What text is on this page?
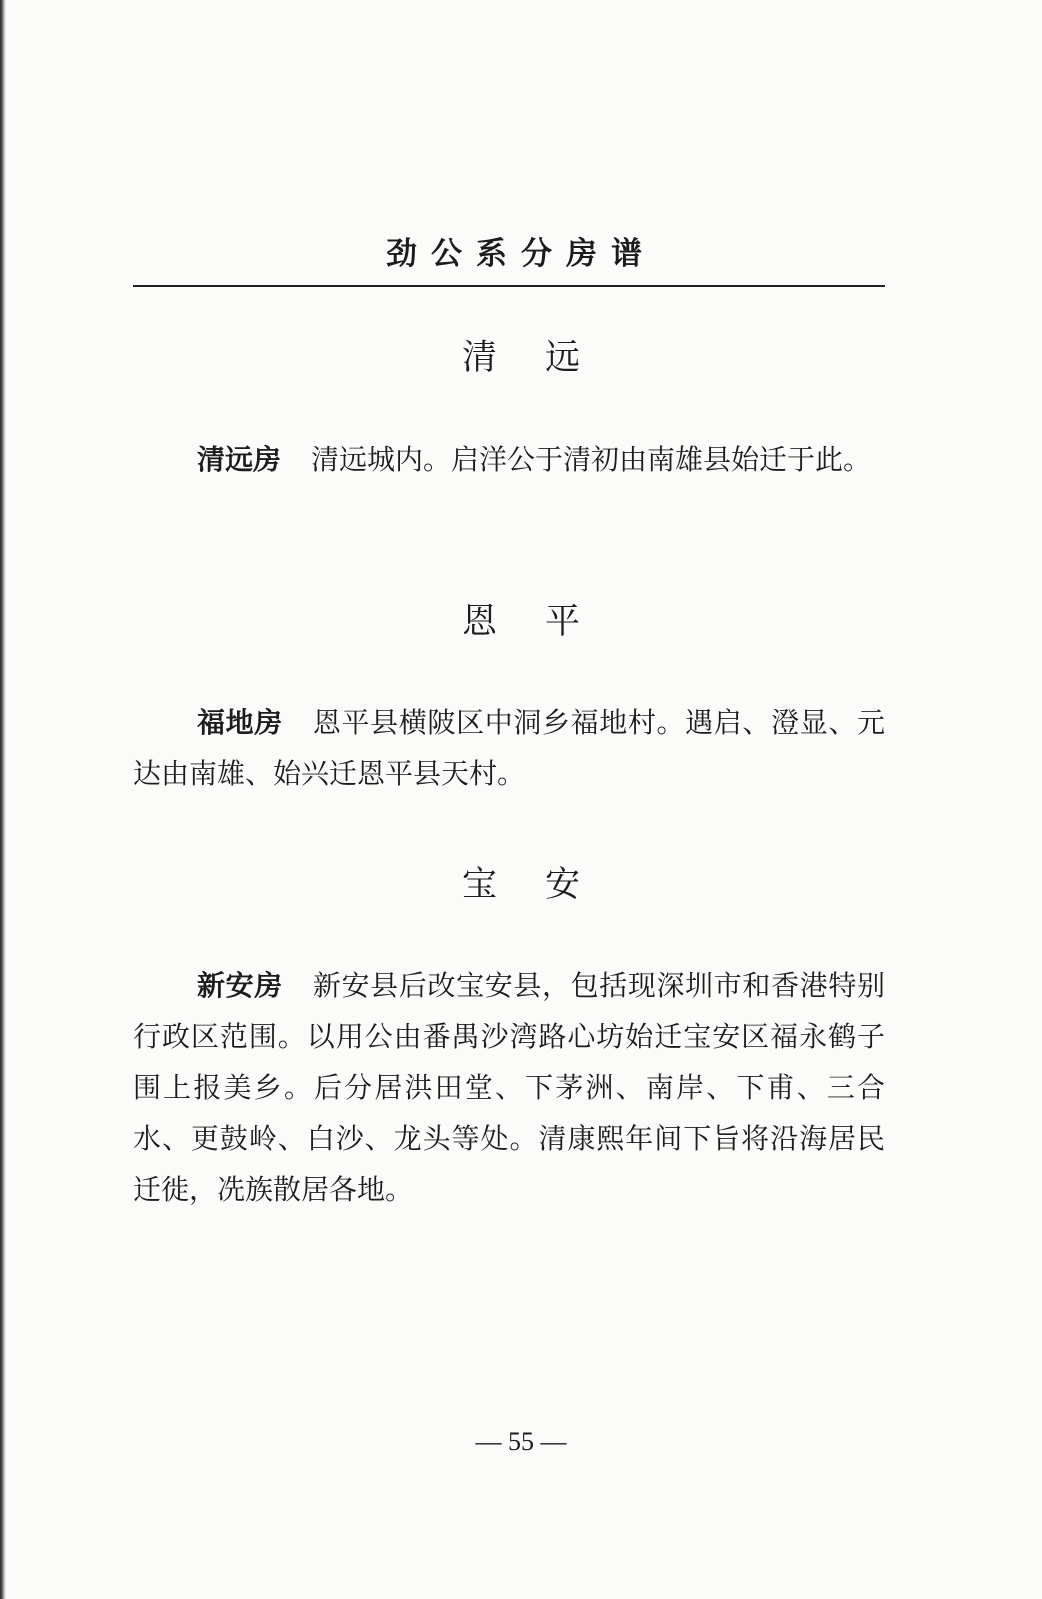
劲公系分房谱
清 远
清远房 清远城内。启洋公于清初由南雄县始迁于此。
恩 平
福地房 恩平县横陂区中洞乡福地村。遇启、澄显、元达由南雄、始兴迁恩平县天村。
宝 安
新安房 新安县后改宝安县，包括现深圳市和香港特别行政区范围。以用公由番禺沙湾路心坊始迁宝安区福永鹤子围上报美乡。后分居洪田堂、下茅洲、南岸、下甫、三合水、更鼓岭、白沙、龙头等处。清康熙年间下旨将沿海居民迁徙，冼族散居各地。
— 55 —
